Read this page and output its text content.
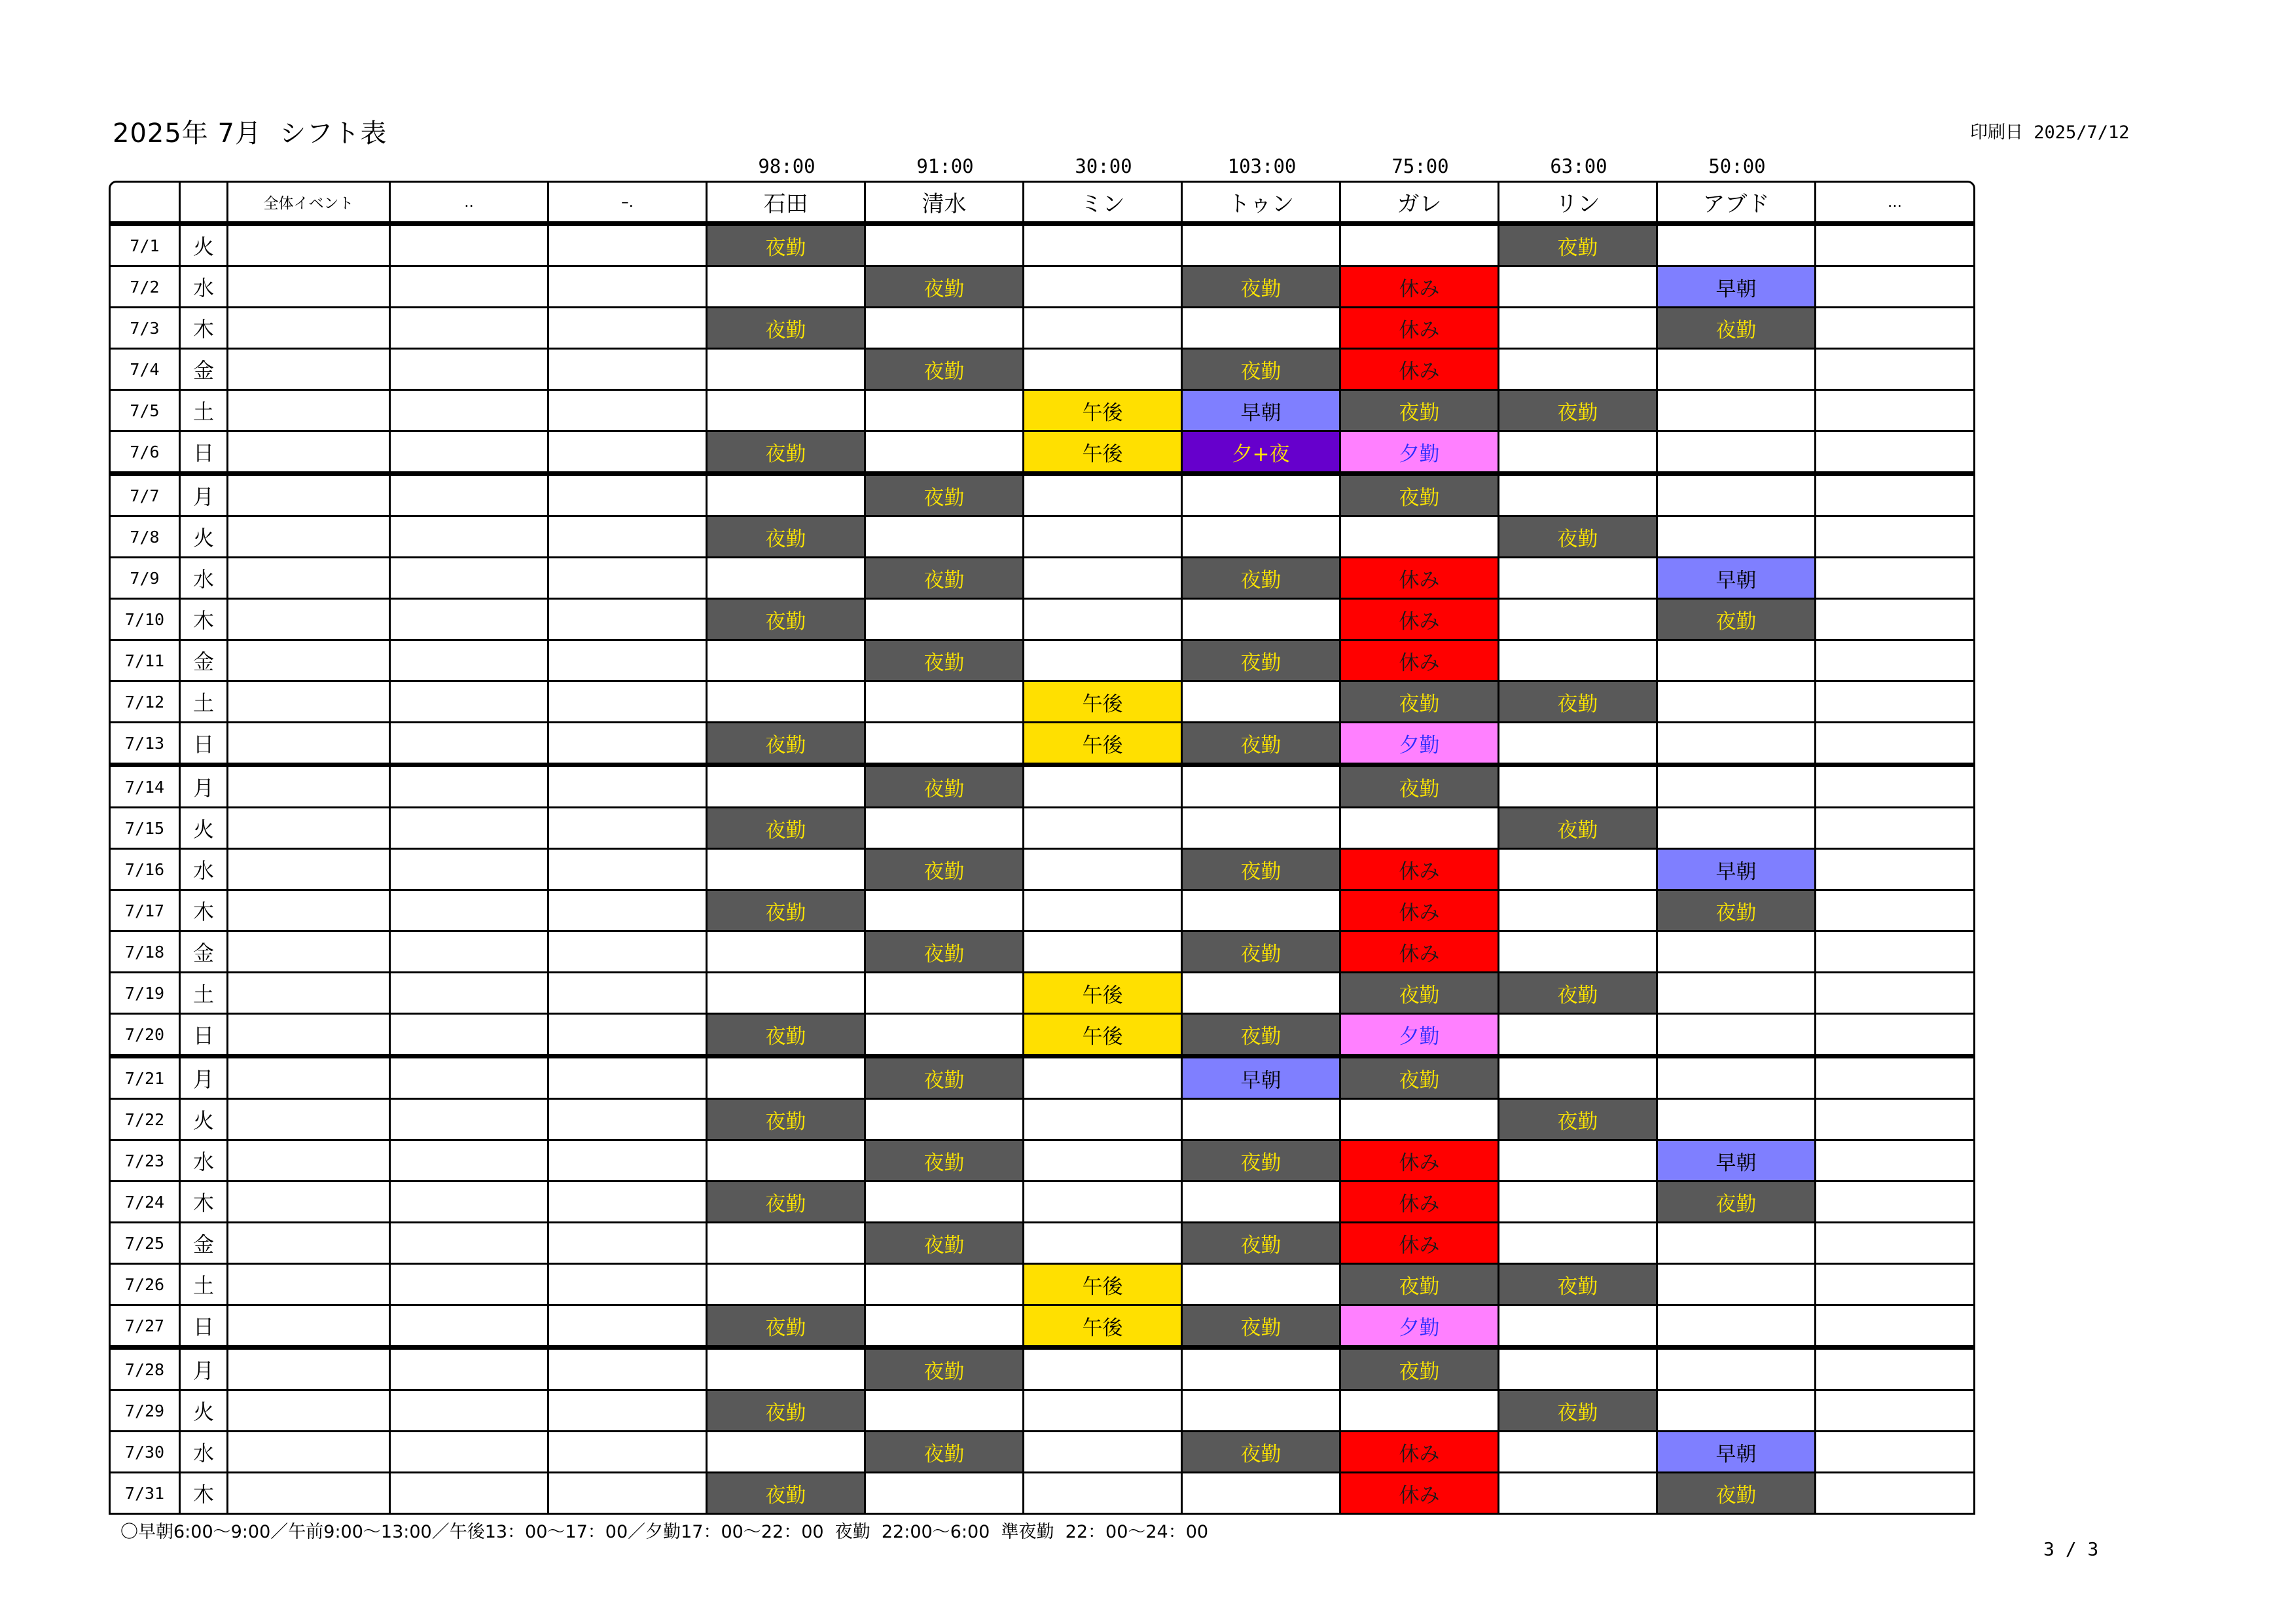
2025年 7月  シフト表	印刷日 2025/7/12
98:00	91:00	30:00	103:00	75:00	63:00	50:00
		全体イベント	..	–.	石田	清水	ミン	トゥン	ガレ	リン	アブド	...
7/1	火				夜勤					夜勤		
7/2	水					夜勤		夜勤	休み		早朝	
7/3	木				夜勤				休み		夜勤	
7/4	金					夜勤		夜勤	休み			
7/5	土						午後	早朝	夜勤	夜勤		
7/6	日				夜勤		午後	夕+夜	夕勤			
7/7	月					夜勤			夜勤			
7/8	火				夜勤					夜勤		
7/9	水					夜勤		夜勤	休み		早朝	
7/10	木				夜勤				休み		夜勤	
7/11	金					夜勤		夜勤	休み			
7/12	土						午後		夜勤	夜勤		
7/13	日				夜勤		午後	夜勤	夕勤			
7/14	月					夜勤			夜勤			
7/15	火				夜勤					夜勤		
7/16	水					夜勤		夜勤	休み		早朝	
7/17	木				夜勤				休み		夜勤	
7/18	金					夜勤		夜勤	休み			
7/19	土						午後		夜勤	夜勤		
7/20	日				夜勤		午後	夜勤	夕勤			
7/21	月					夜勤		早朝	夜勤			
7/22	火				夜勤					夜勤		
7/23	水					夜勤		夜勤	休み		早朝	
7/24	木				夜勤				休み		夜勤	
7/25	金					夜勤		夜勤	休み			
7/26	土						午後		夜勤	夜勤		
7/27	日				夜勤		午後	夜勤	夕勤			
7/28	月					夜勤			夜勤			
7/29	火				夜勤					夜勤		
7/30	水					夜勤		夜勤	休み		早朝	
7/31	木				夜勤				休み		夜勤	
〇早朝6:00～9:00／午前9:00～13:00／午後13：00～17：00／夕勤17：00～22：00  夜勤  22:00～6:00  準夜勤  22：00～24：00
3 / 3
